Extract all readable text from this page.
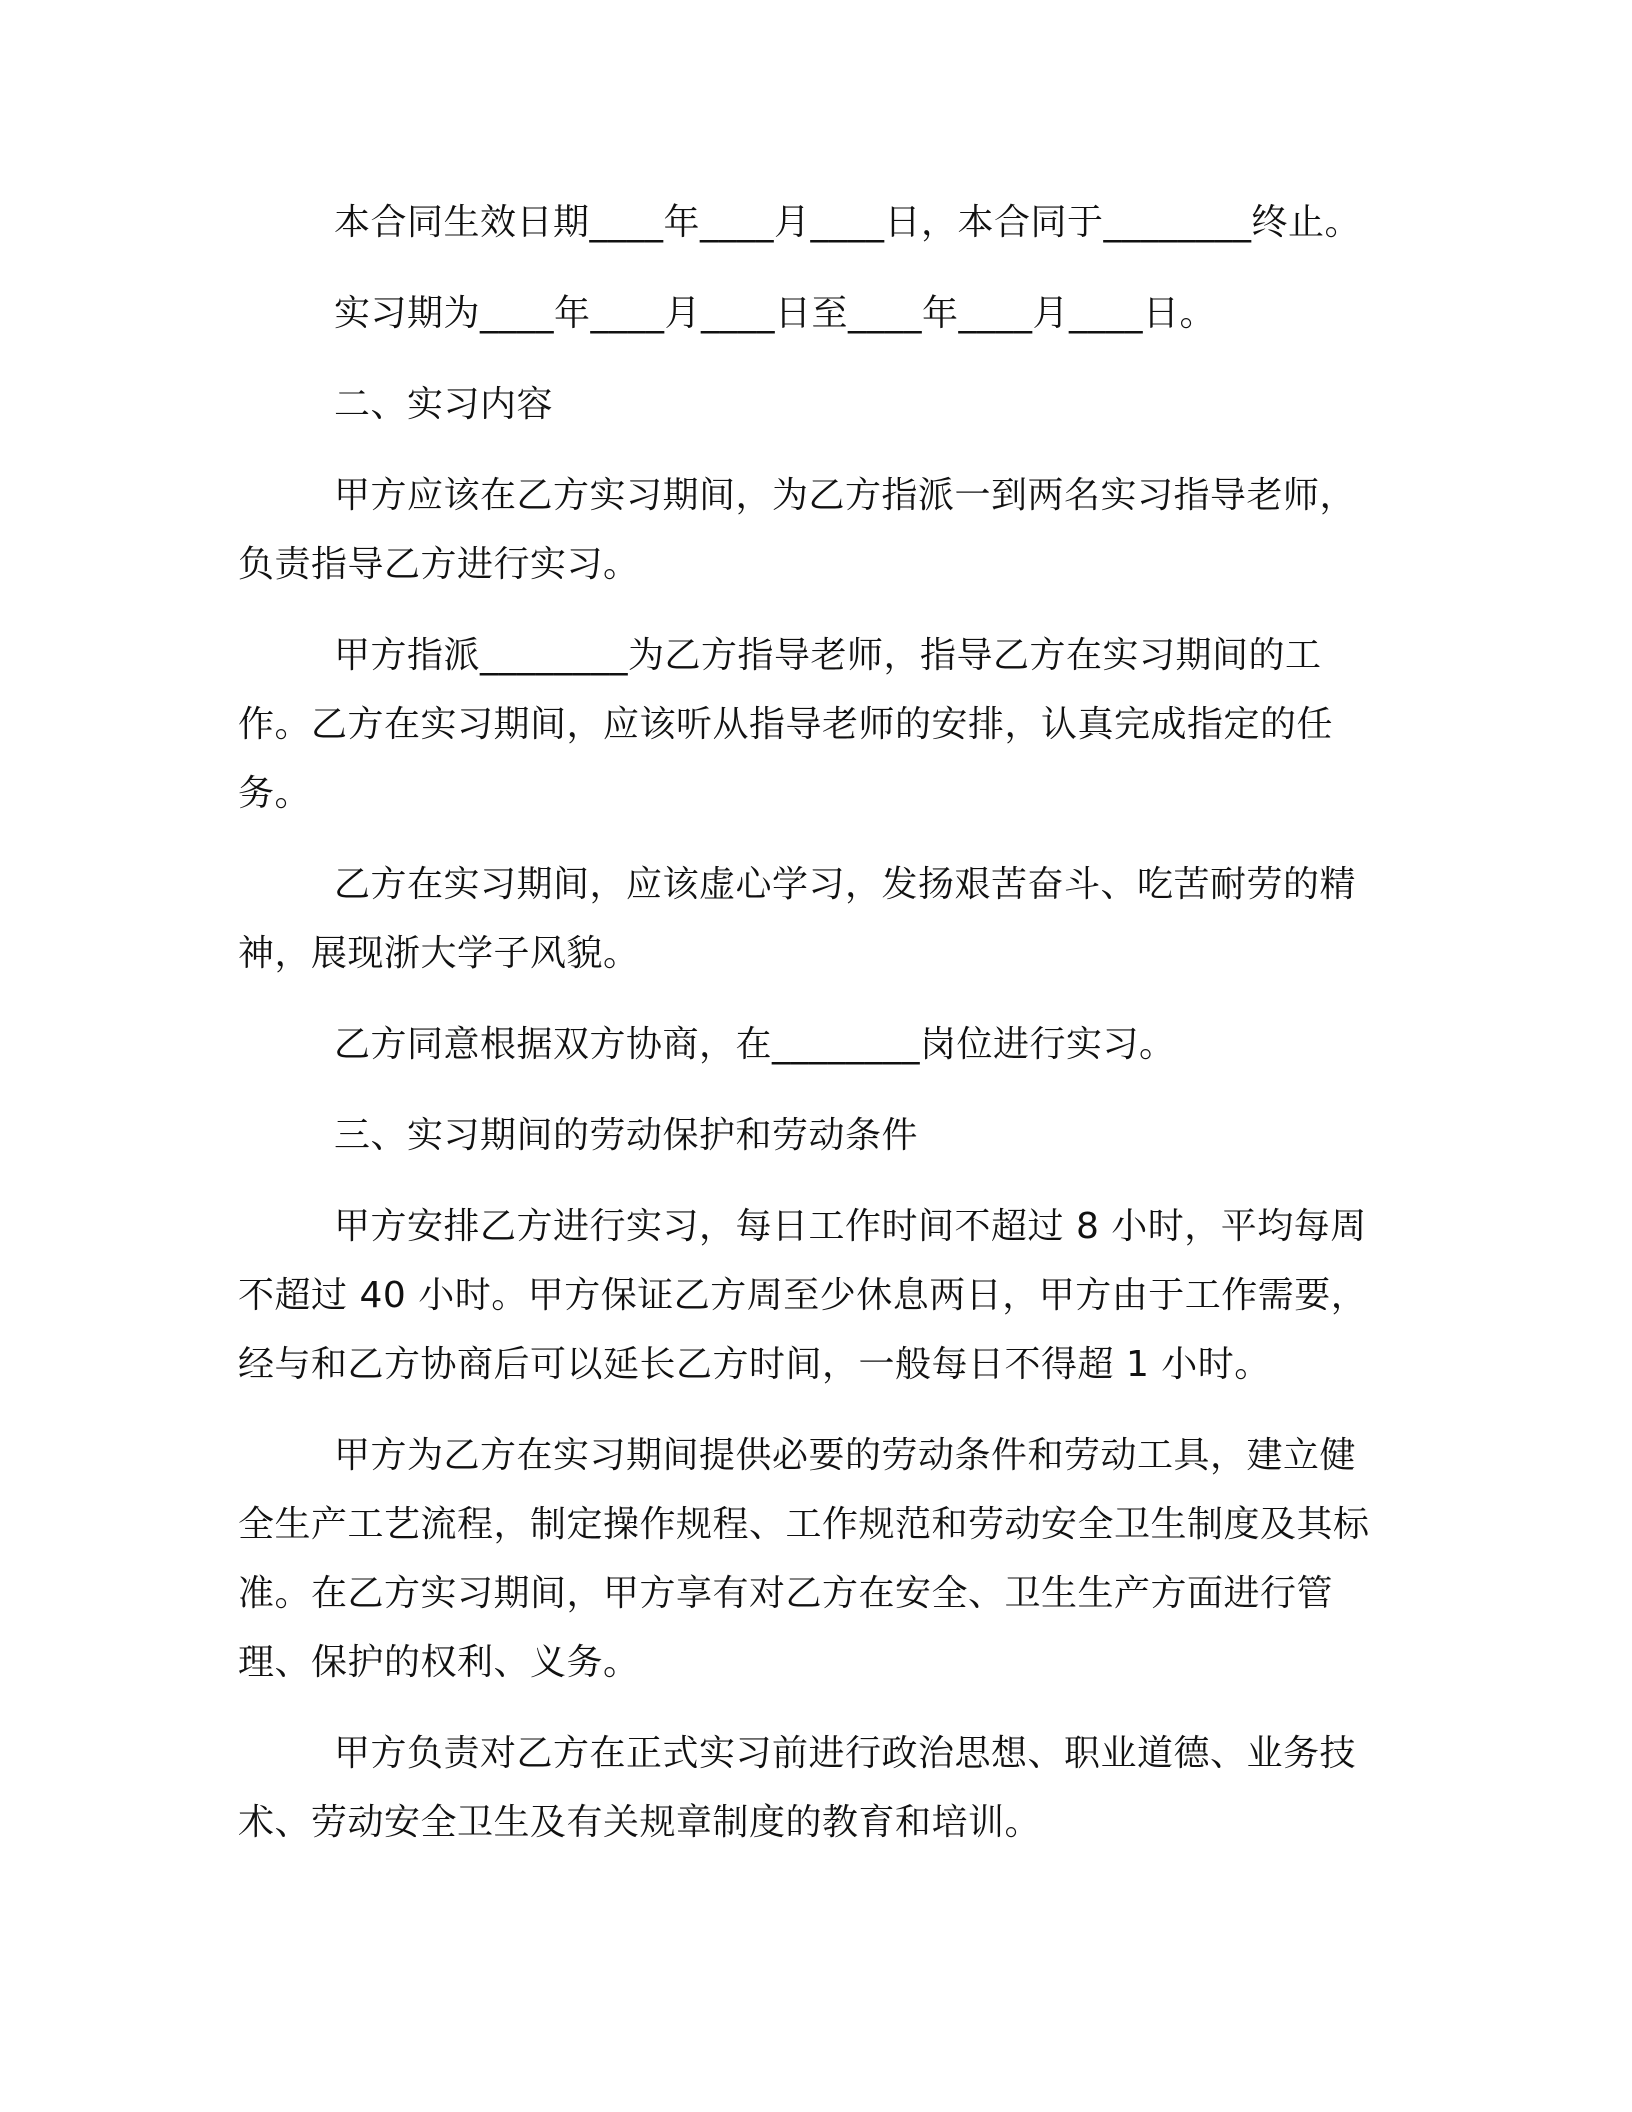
本合同生效日期____年____月____日，本合同于________终止。

实习期为____年____月____日至____年____月____日。

二、实习内容

甲方应该在乙方实习期间，为乙方指派一到两名实习指导老师，负责指导乙方进行实习。

甲方指派________为乙方指导老师，指导乙方在实习期间的工作。乙方在实习期间，应该听从指导老师的安排，认真完成指定的任务。

乙方在实习期间，应该虚心学习，发扬艰苦奋斗、吃苦耐劳的精神，展现浙大学子风貌。

乙方同意根据双方协商，在________岗位进行实习。

三、实习期间的劳动保护和劳动条件

甲方安排乙方进行实习，每日工作时间不超过 8 小时，平均每周不超过 40 小时。甲方保证乙方周至少休息两日，甲方由于工作需要，经与和乙方协商后可以延长乙方时间，一般每日不得超 1 小时。

甲方为乙方在实习期间提供必要的劳动条件和劳动工具，建立健全生产工艺流程，制定操作规程、工作规范和劳动安全卫生制度及其标准。在乙方实习期间，甲方享有对乙方在安全、卫生生产方面进行管理、保护的权利、义务。

甲方负责对乙方在正式实习前进行政治思想、职业道德、业务技术、劳动安全卫生及有关规章制度的教育和培训。
